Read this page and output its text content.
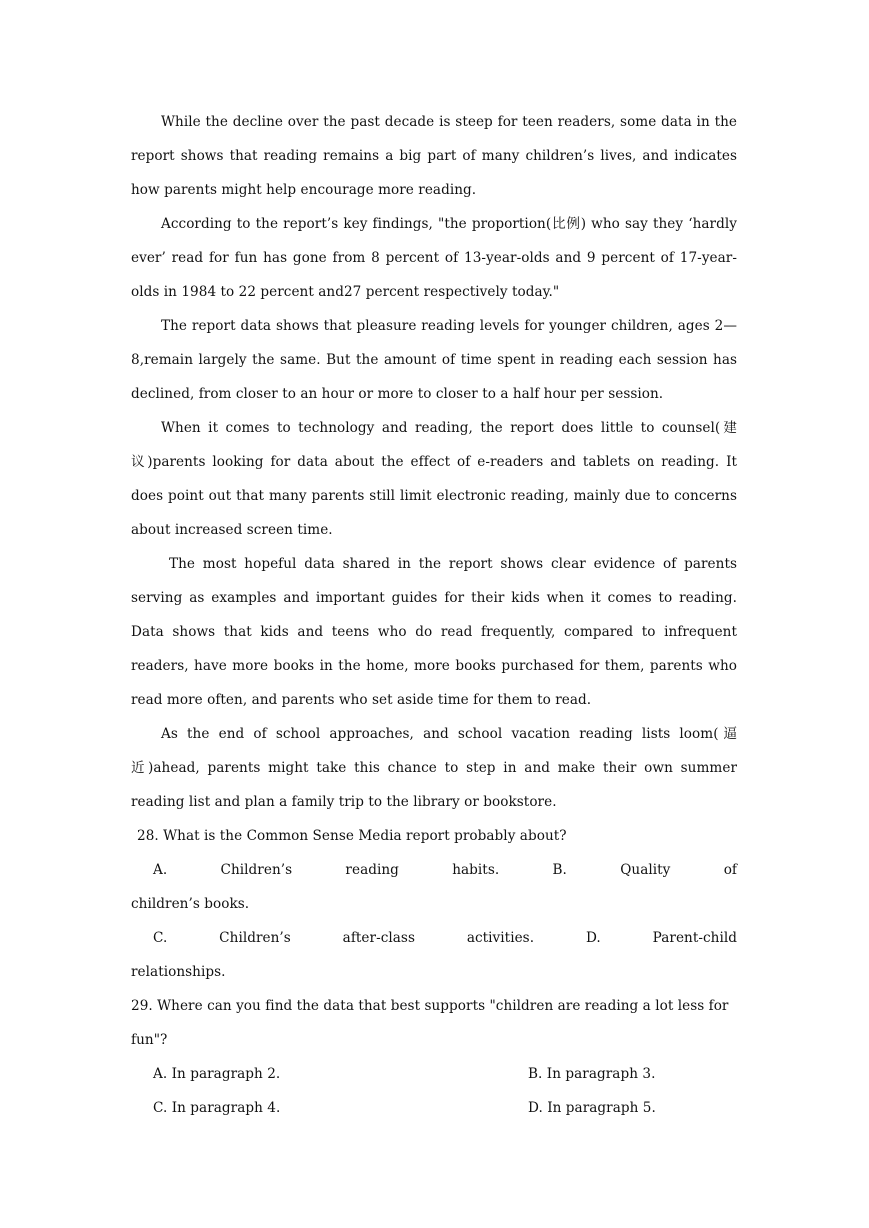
While the decline over the past decade is steep for teen readers, some data in the report shows that reading remains a big part of many children’s lives, and indicates how parents might help encourage more reading.

According to the report’s key findings, "the proportion(比例) who say they ‘hardly ever’ read for fun has gone from 8 percent of 13-year-olds and 9 percent of 17-year-olds in 1984 to 22 percent and27 percent respectively today."

The report data shows that pleasure reading levels for younger children, ages 2—8,remain largely the same. But the amount of time spent in reading each session has declined, from closer to an hour or more to closer to a half hour per session.

When it comes to technology and reading, the report does little to counsel(建议)parents looking for data about the effect of e-readers and tablets on reading. It does point out that many parents still limit electronic reading, mainly due to concerns about increased screen time.

The most hopeful data shared in the report shows clear evidence of parents serving as examples and important guides for their kids when it comes to reading. Data shows that kids and teens who do read frequently, compared to infrequent readers, have more books in the home, more books purchased for them, parents who read more often, and parents who set aside time for them to read.

As the end of school approaches, and school vacation reading lists loom(逼近)ahead, parents might take this chance to step in and make their own summer reading list and plan a family trip to the library or bookstore.

28. What is the Common Sense Media report probably about?

A. Children’s reading habits.	B.	Quality	of

children’s books.

C. Children’s after-class activities.	D.	Parent-child

relationships.

29. Where can you find the data that best supports "children are reading a lot less for fun"?

A. In paragraph 2.	B. In paragraph 3.
C. In paragraph 4.	D. In paragraph 5.
